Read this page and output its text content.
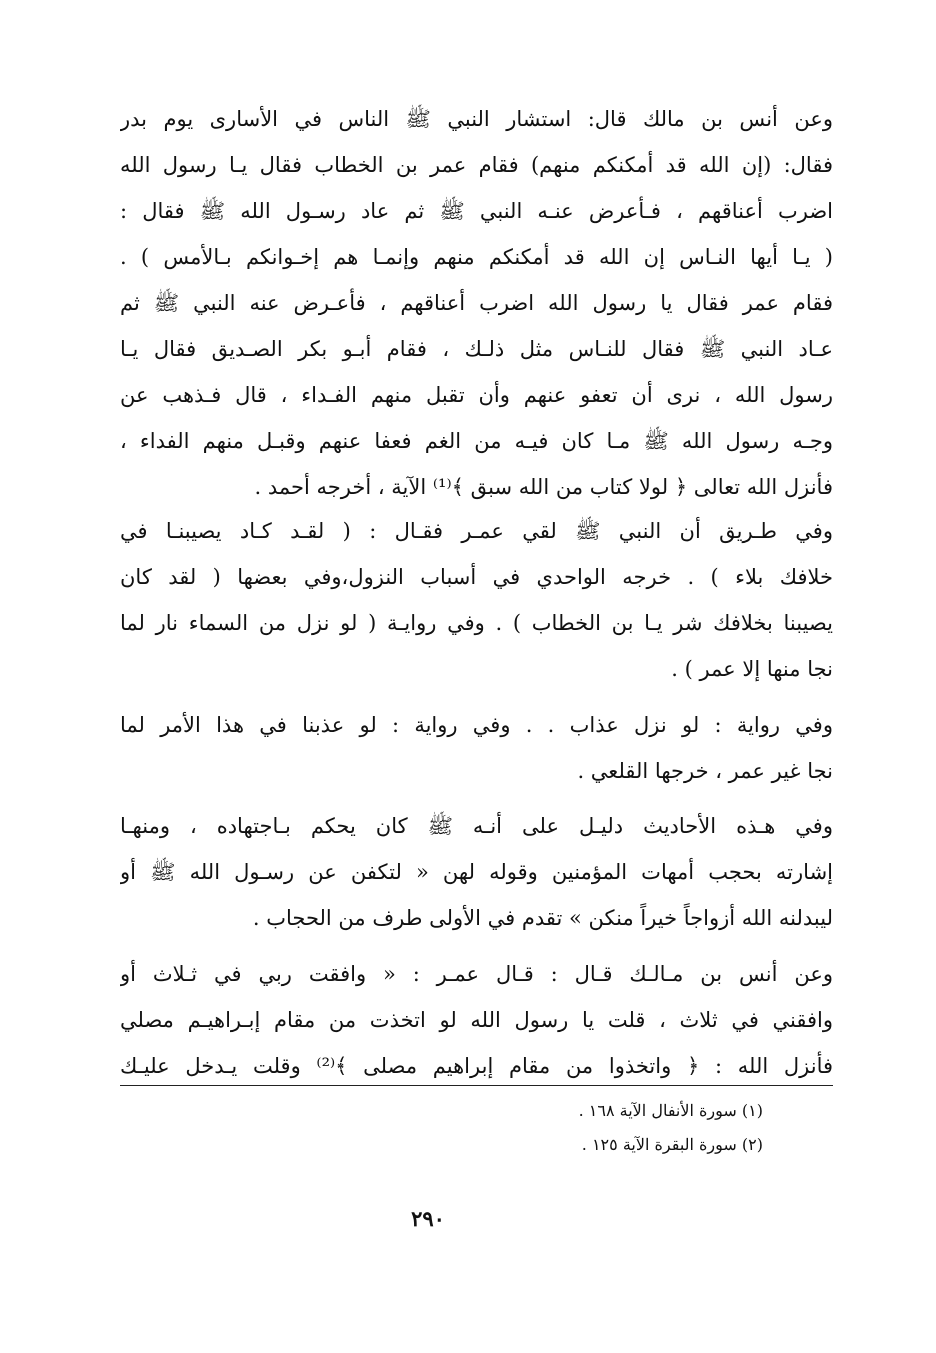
وعن أنس بن مالك قال: استشار النبي ﷺ الناس في الأسارى يوم بدر
فقال: (إن الله قد أمكنكم منهم) فقام عمر بن الخطاب فقال يـا رسول الله
اضرب أعناقهم ، فـأعرض عنـه النبي ﷺ ثم عاد رسـول الله ﷺ فقال :
( يـا أيها النـاس إن الله قد أمكنكم منهم وإنمـا هم إخـوانكم بـالأمس ) .
فقام عمر فقال يا رسول الله اضرب أعناقهم ، فأعـرض عنه النبي ﷺ ثم
عـاد النبي ﷺ فقال للنـاس مثل ذلـك ، فقام أبـو بكر الصـديق فقال يـا
رسول الله ، نرى أن تعفو عنهم وأن تقبل منهم الفـداء ، قال فـذهب عن
وجـه رسول الله ﷺ مـا كان فيـه من الغم فعفا عنهم وقبـل منهم الفداء ،
فأنزل الله تعالى ﴿ لولا كتاب من الله سبق ﴾⁽¹⁾ الآية ، أخرجه أحمد .
وفي طـريق أن النبي ﷺ لقي عمـر فقـال : ( لقـد كـاد يصيبنـا في
خلافك بلاء ) . خرجه الواحدي في أسباب النزول،وفي بعضها ( لقد كان
يصيبنا بخلافك شر يـا بن الخطاب ) . وفي روايـة ( لو نزل من السماء نار لما
نجا منها إلا عمر ) .
وفي رواية : لو نزل عذاب . . وفي رواية : لو عذبنا في هذا الأمر لما
نجا غير عمر ، خرجها القلعي .
وفي هـذه الأحاديث دليـل على أنـه ﷺ كان يحكم بـاجتهاده ، ومنهـا
إشارته بحجب أمهات المؤمنين وقوله لهن « لتكفن عن رسـول الله ﷺ أو
ليبدلنه الله أزواجاً خيراً منكن » تقدم في الأولى طرف من الحجاب .
وعن أنس بن مـالـك قـال : قـال عمـر : « وافقت ربي في ثـلاث أو
وافقني في ثلاث ، قلت يا رسول الله لو اتخذت من مقام إبـراهيـم مصلي
فأنزل الله : ﴿ واتخذوا من مقام إبراهيم مصلى ﴾⁽²⁾ وقلت يـدخل عليـك
(١) سورة الأنفال الآية ١٦٨ .
(٢) سورة البقرة الآية ١٢٥ .
٢٩٠
